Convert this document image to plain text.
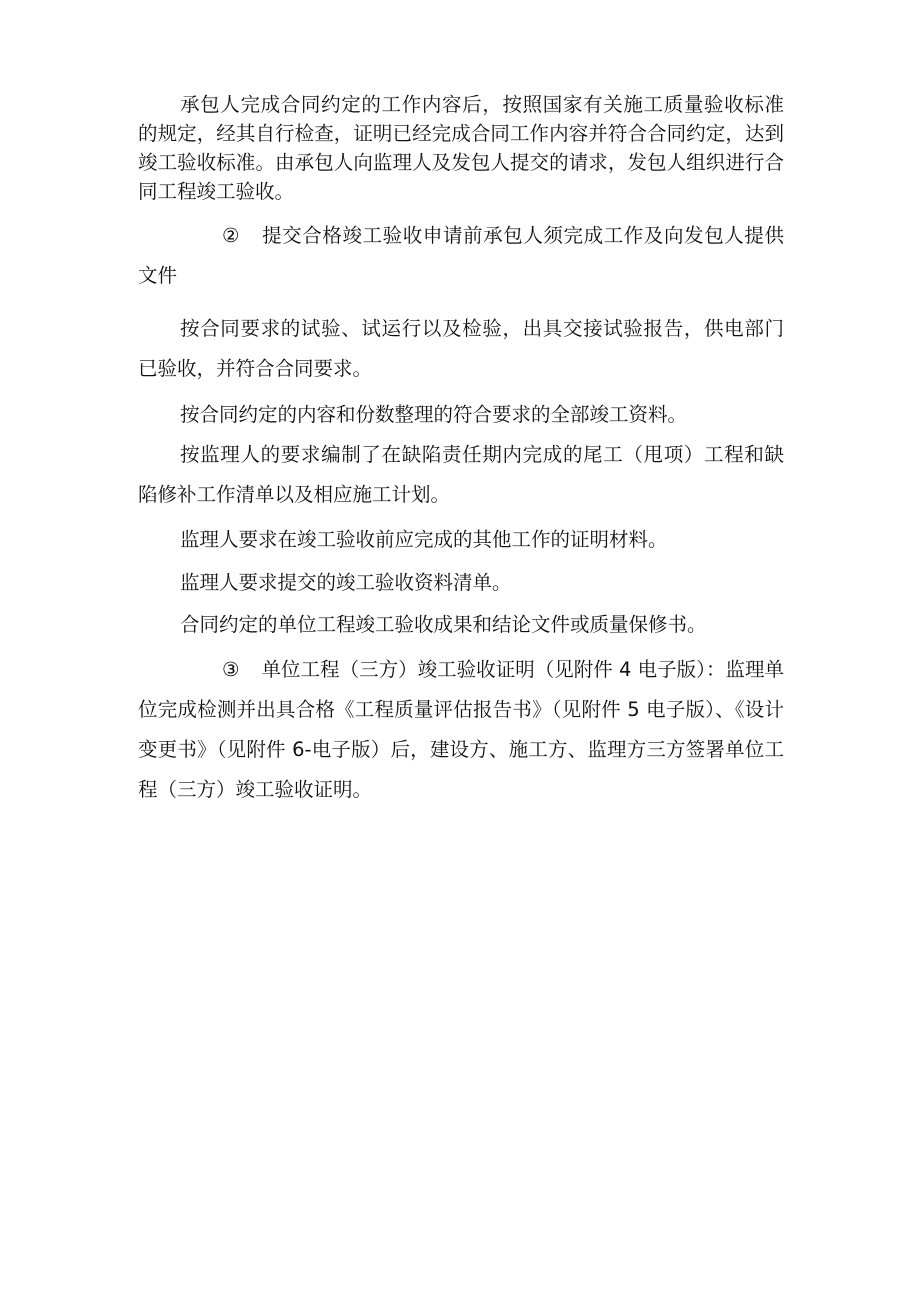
承包人完成合同约定的工作内容后，按照国家有关施工质量验收标准的规定，经其自行检查，证明已经完成合同工作内容并符合合同约定，达到竣工验收标准。由承包人向监理人及发包人提交的请求，发包人组织进行合同工程竣工验收。

② 提交合格竣工验收申请前承包人须完成工作及向发包人提供文件

按合同要求的试验、试运行以及检验，出具交接试验报告，供电部门已验收，并符合合同要求。

按合同约定的内容和份数整理的符合要求的全部竣工资料。

按监理人的要求编制了在缺陷责任期内完成的尾工（甩项）工程和缺陷修补工作清单以及相应施工计划。

监理人要求在竣工验收前应完成的其他工作的证明材料。

监理人要求提交的竣工验收资料清单。

合同约定的单位工程竣工验收成果和结论文件或质量保修书。

③ 单位工程（三方）竣工验收证明（见附件 4 电子版）：监理单位完成检测并出具合格《工程质量评估报告书》（见附件 5 电子版）、《设计变更书》（见附件 6-电子版）后，建设方、施工方、监理方三方签署单位工程（三方）竣工验收证明。
